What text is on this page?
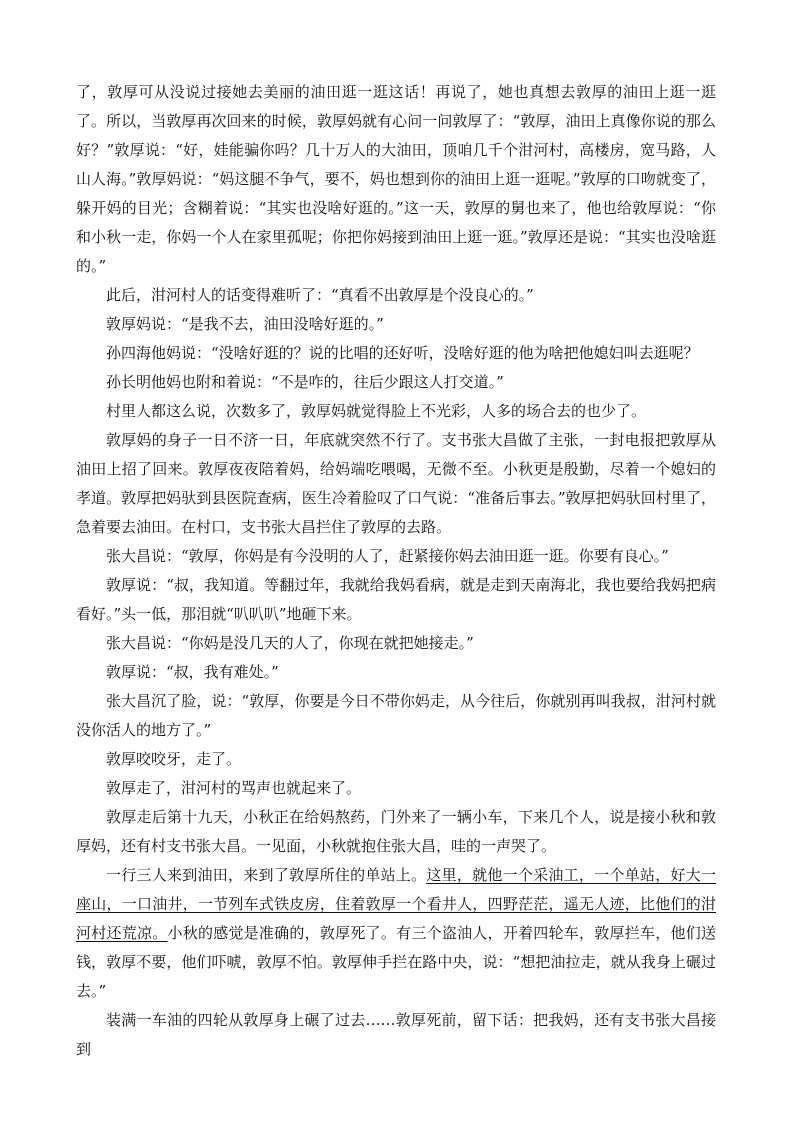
了，敦厚可从没说过接她去美丽的油田逛一逛这话！再说了，她也真想去敦厚的油田上逛一逛了。所以，当敦厚再次回来的时候，敦厚妈就有心问一问敦厚了：“敦厚，油田上真像你说的那么好？”敦厚说：“好，娃能骗你吗？几十万人的大油田，顶咱几千个泔河村，高楼房，宽马路，人山人海。”敦厚妈说：“妈这腿不争气，要不，妈也想到你的油田上逛一逛呢。”敦厚的口吻就变了，躲开妈的目光；含糊着说：“其实也没啥好逛的。”这一天，敦厚的舅也来了，他也给敦厚说：“你和小秋一走，你妈一个人在家里孤呢；你把你妈接到油田上逛一逛。”敦厚还是说：“其实也没啥逛的。”

此后，泔河村人的话变得难听了：“真看不出敦厚是个没良心的。”

敦厚妈说：“是我不去，油田没啥好逛的。”

孙四海他妈说：“没啥好逛的？说的比唱的还好听，没啥好逛的他为啥把他媳妇叫去逛呢？

孙长明他妈也附和着说：“不是咋的，往后少跟这人打交道。”

村里人都这么说，次数多了，敦厚妈就觉得脸上不光彩，人多的场合去的也少了。

敦厚妈的身子一日不济一日，年底就突然不行了。支书张大昌做了主张，一封电报把敦厚从油田上招了回来。敦厚夜夜陪着妈，给妈端吃喂喝，无微不至。小秋更是殷勤，尽着一个媳妇的孝道。敦厚把妈驮到县医院查病，医生冷着脸叹了口气说：“准备后事去。”敦厚把妈驮回村里了，急着要去油田。在村口，支书张大昌拦住了敦厚的去路。

张大昌说：“敦厚，你妈是有今没明的人了，赶紧接你妈去油田逛一逛。你要有良心。”

敦厚说：“叔，我知道。等翻过年，我就给我妈看病，就是走到天南海北，我也要给我妈把病看好。”头一低，那泪就“叭叭叭”地砸下来。

张大昌说：“你妈是没几天的人了，你现在就把她接走。”

敦厚说：“叔，我有难处。”

张大昌沉了脸，说：“敦厚，你要是今日不带你妈走，从今往后，你就别再叫我叔，泔河村就没你活人的地方了。”

敦厚咬咬牙，走了。

敦厚走了，泔河村的骂声也就起来了。

敦厚走后第十九天，小秋正在给妈熬药，门外来了一辆小车，下来几个人，说是接小秋和敦厚妈，还有村支书张大昌。一见面，小秋就抱住张大昌，哇的一声哭了。

一行三人来到油田，来到了敦厚所住的单站上。这里，就他一个采油工，一个单站，好大一座山，一口油井，一节列车式铁皮房，住着敦厚一个看井人，四野茫茫，遥无人迹，比他们的泔河村还荒凉。小秋的感觉是准确的，敦厚死了。有三个盗油人，开着四轮车，敦厚拦车，他们送钱，敦厚不要，他们吓唬，敦厚不怕。敦厚伸手拦在路中央，说：“想把油拉走，就从我身上碾过去。”

装满一车油的四轮从敦厚身上碾了过去……敦厚死前，留下话：把我妈，还有支书张大昌接到
